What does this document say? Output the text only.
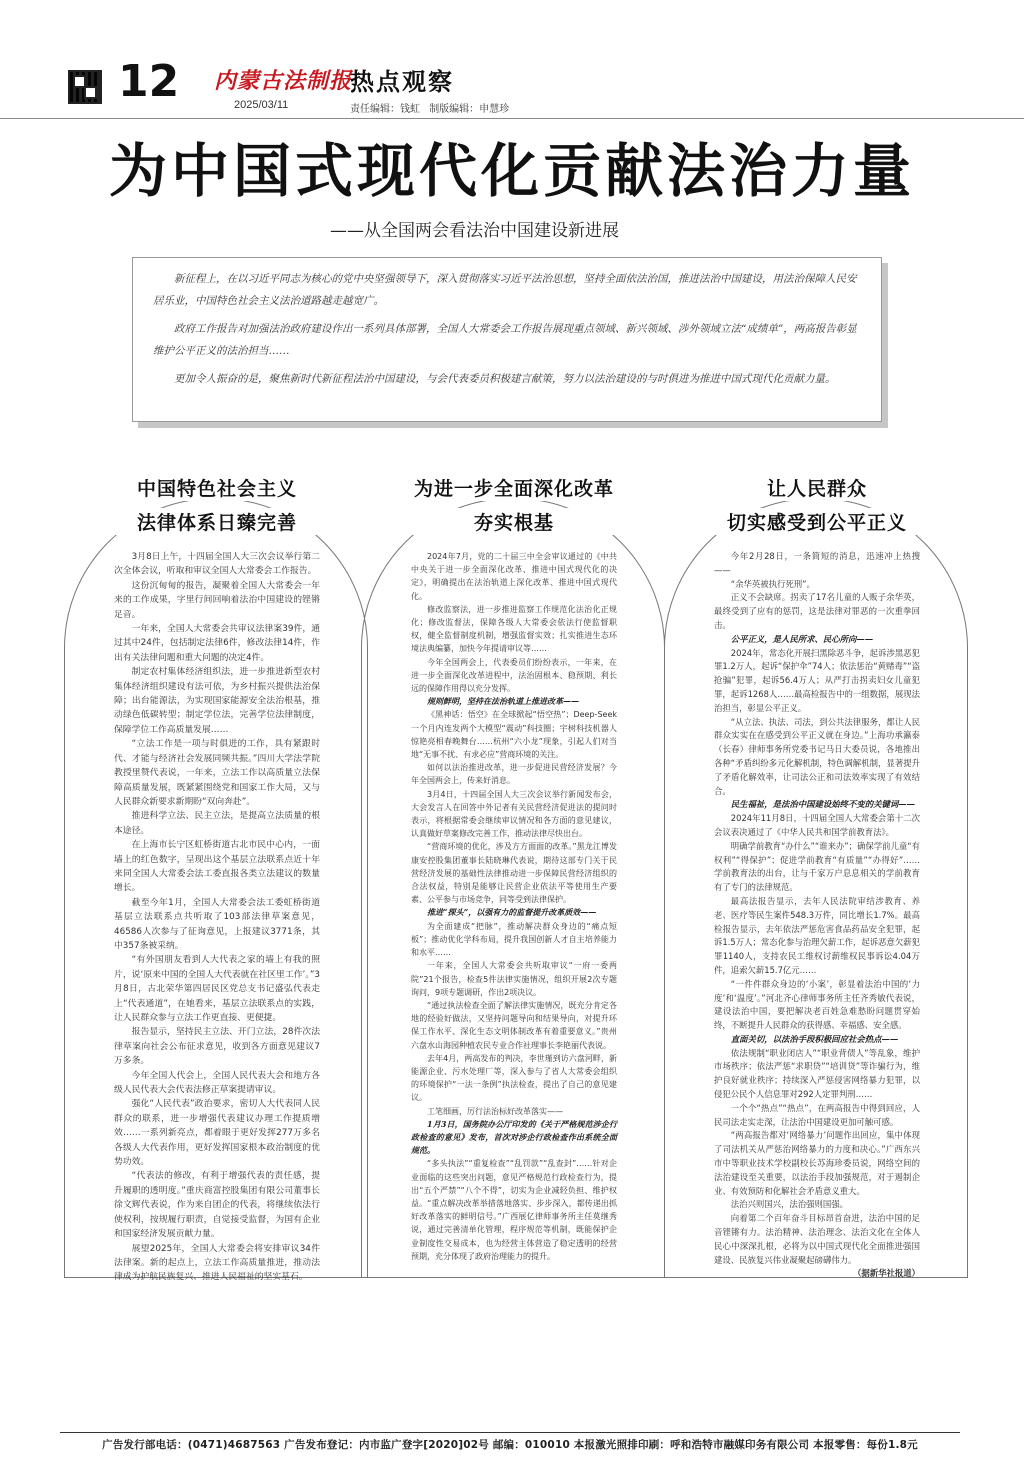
12 内蒙古法制报
2025/03/11
热点观察
责任编辑：钱虹 制版编辑：申慧珍
为中国式现代化贡献法治力量
——从全国两会看法治中国建设新进展

新征程上，在以习近平同志为核心的党中央坚强领导下，深入贯彻落实习近平法治思想，坚持全面依法治国，推进法治中国建设，用法治保障人民安居乐业，中国特色社会主义法治道路越走越宽广。

政府工作报告对加强法治政府建设作出一系列具体部署，全国人大常委会工作报告展现重点领域、新兴领域、涉外领域立法“成绩单”，两高报告彰显维护公平正义的法治担当……

更加令人振奋的是，聚焦新时代新征程法治中国建设，与会代表委员积极建言献策，努力以法治建设的与时俱进为推进中国式现代化贡献力量。

中国特色社会主义
法律体系日臻完善

3月8日上午，十四届全国人大三次会议举行第二次全体会议，听取和审议全国人大常委会工作报告。

这份沉甸甸的报告，凝聚着全国人大常委会一年来的工作成果，字里行间回响着法治中国建设的铿锵足音。

一年来，全国人大常委会共审议法律案39件，通过其中24件，包括制定法律6件，修改法律14件，作出有关法律问题和重大问题的决定4件。

制定农村集体经济组织法，进一步推进新型农村集体经济组织建设有法可依，为乡村振兴提供法治保障；出台能源法，为实现国家能源安全法治根基，推动绿色低碳转型；制定学位法，完善学位法律制度，保障学位工作高质量发展……

“立法工作是一项与时俱进的工作，具有紧跟时代、才能与经济社会发展同频共振。”四川大学法学院教授里赞代表说，一年来，立法工作以高质量立法保障高质量发展，既紧紧围绕党和国家工作大局，又与人民群众新要求新期盼“双向奔赴”。

推进科学立法、民主立法，是提高立法质量的根本途径。

在上海市长宁区虹桥街道古北市民中心内，一面墙上的红色数字，呈现出这个基层立法联系点近十年来同全国人大常委会法工委直报各类立法建议的数量增长。

截至今年1月，全国人大常委会法工委虹桥街道基层立法联系点共听取了103部法律草案意见，46586人次参与了征询意见，上报建议3771条，其中357条被采纳。

“有外国朋友看到人大代表之家的墙上有我的照片，说‘原来中国的全国人大代表就在社区里工作’。”3月8日，古北荣华第四居民区党总支书记盛弘代表走上“代表通道”，在她看来，基层立法联系点的实践，让人民群众参与立法工作更直接、更便捷。

报告显示，坚持民主立法、开门立法，28件次法律草案向社会公布征求意见，收到各方面意见建议7万多条。

今年全国人代会上，全国人民代表大会和地方各级人民代表大会代表法修正草案提请审议。

强化“人民代表”政治要求，密切人大代表同人民群众的联系，进一步增强代表建议办理工作提质增效……一系列新亮点，都着眼于更好发挥277万多名各级人大代表作用，更好发挥国家根本政治制度的优势功效。

“代表法的修改，有利于增强代表的责任感，提升履职的透明度。”重庆商富控股集团有限公司董事长徐文辉代表说，作为来自团企的代表，将继续依法行使权利，按规履行职责，自觉接受监督，为国有企业和国家经济发展贡献力量。

展望2025年，全国人大常委会将安排审议34件法律案。新的起点上，立法工作高质量推进，推动法律成为护航民族复兴、推进人民福祉的坚实基石。

为进一步全面深化改革
夯实根基

2024年7月，党的二十届三中全会审议通过的《中共中央关于进一步全面深化改革、推进中国式现代化的决定》，明确提出在法治轨道上深化改革、推进中国式现代化。

修改监察法，进一步推进监察工作规范化法治化正规化；修改监督法，保障各级人大常委会依法行使监督职权，健全监督制度机制，增强监督实效；扎实推进生态环境法典编纂，加快今年提请审议等……

今年全国两会上，代表委员们纷纷表示，一年来，在进一步全面深化改革进程中，法治固根本、稳预期、利长远的保障作用得以充分发挥。

规则鲜明，坚持在法治轨道上推进改革——

《黑神话：悟空》在全球掀起“悟空热”；Deep-Seek一个月内连发两个大模型“震动”科技圈；宇树科技机器人惊艳亮相春晚舞台……杭州“六小龙”现象，引起人们对当地“无事不扰、有求必应”营商环境的关注。

如何以法治推进改革，进一步促进民营经济发展？今年全国两会上，传来好消息。

3月4日，十四届全国人大三次会议举行新闻发布会，大会发言人在回答中外记者有关民营经济促进法的提问时表示，将根据常委会继续审议情况和各方面的意见建议，认真做好草案修改完善工作，推动法律尽快出台。

“营商环境的优化，涉及方方面面的改革。”黑龙江博发康安控股集团董事长陆晓琳代表说，期待这部专门关于民营经济发展的基础性法律推动进一步保障民营经济组织的合法权益，特别是能够让民营企业依法平等使用生产要素、公平参与市场竞争，同等受到法律保护。

推进“探头”，以强有力的监督提升改革质效——

为全面建成“把脉”，推动解决群众身边的“痛点短板”；推动优化学科布局，提升我国创新人才自主培养能力和水平……

一年来，全国人大常委会共听取审议“一府一委两院”21个报告，检查5件法律实施情况，组织开展2次专题询问，9项专题调研，作出2项决议。

“通过执法检查全面了解法律实施情况，既充分肯定各地的经验好做法，又坚持问题导向和结果导向，对提升环保工作水平、深化生态文明体制改革有着重要意义。”贵州六盘水山海园种植农民专业合作社理事长李艳丽代表说。

去年4月，两高发布的判决，李世瑾到访六盘河畔，新能源企业、污水处理厂等，深入参与了省人大常委会组织的环境保护“一法一条例”执法检查，提出了自己的意见建议。

工笔细画，厉行法治标好改革落实——

1月3日，国务院办公厅印发的《关于严格规范涉企行政检查的意见》发布，首次对涉企行政检查作出系统全面规范。

“多头执法”“重复检查”“乱罚款”“乱查封”……针对企业面临的这些突出问题，意见严格规范行政检查行为，提出“五个严禁”“八个不得”，切实为企业减轻负担、维护权益。“重点解决改革举措落地落实、步步深入，都传递出抓好改革落实的鲜明信号。”广西展亿律师事务所主任莫继秀说，通过完善清单化管理，程序规范等机制，既能保护企业制度性交易成本，也为经营主体营造了稳定透明的经营预期，充分体现了政府治理能力的提升。

让人民群众
切实感受到公平正义

今年2月28日，一条简短的消息，迅速冲上热搜——

“余华英被执行死刑”。

正义不会缺席。拐卖了17名儿童的人贩子余华英，最终受到了应有的惩罚，这是法律对罪恶的一次重拳回击。

公平正义，是人民所求、民心所向——

2024年，常态化开展扫黑除恶斗争，起诉涉黑恶犯罪1.2万人，起诉“保护伞”74人；依法惩治“黄赌毒”“盗抢骗”犯罪，起诉56.4万人；从严打击拐卖妇女儿童犯罪，起诉1268人……最高检报告中的一组数据，展现法治担当，彰显公平正义。

“从立法、执法、司法，到公共法律服务，都让人民群众实实在在感受到公平正义就在身边。”上海功承瀛泰（长春）律师事务所党委书记马日大委员说，各地推出各种“矛盾纠纷多元化解机制，特色调解机制，显著提升了矛盾化解效率，让司法公正和司法效率实现了有效结合。

民生福祉，是法治中国建设始终不变的关键词——

2024年11月8日，十四届全国人大常委会第十二次会议表决通过了《中华人民共和国学前教育法》。

明确学前教育“办什么”“谁来办”；确保学前儿童“有权利”“得保护”；促进学前教育“有质量”“办得好”……学前教育法的出台，让与千家万户息息相关的学前教育有了专门的法律规范。

最高法报告显示，去年人民法院审结涉教育、养老、医疗等民生案件548.3万件，同比增长1.7%。最高检报告显示，去年依法严惩危害食品药品安全犯罪，起诉1.5万人；常态化参与治理欠薪工作，起诉恶意欠薪犯罪1140人，支持农民工维权讨薪维权民事诉讼4.04万件，追索欠薪15.7亿元……

“一件件群众身边的‘小案’，彰显着法治中国的‘力度’和‘温度’。”河北齐心律师事务所主任齐秀敏代表说，建设法治中国，要把解决老百姓急难愁盼问题贯穿始终，不断提升人民群众的获得感、幸福感、安全感。

直面关切，以法治手段积极回应社会热点——

依法规制“职业闭店人”“职业背债人”等乱象，维护市场秩序；依法严惩“求职贷”“培训贷”等诈骗行为，维护良好就业秩序；持续深入严惩侵害网络暴力犯罪，以侵犯公民个人信息罪对292人定罪判刑……

一个个“热点”“热点”，在两高报告中得到回应，人民司法走实走深，让法治中国建设更加可触可感。

“两高报告都对‘网络暴力’问题作出回应，集中体现了司法机关从严惩治网络暴力的力度和决心。”广西东兴市中等职业技术学校副校长苏海珍委员说，网络空间的法治建设至关重要，以法治手段加强规范，对于遏制企业、有效预防和化解社会矛盾意义重大。

法治兴则国兴，法治强则国强。

向着第二个百年奋斗目标昂首奋进，法治中国的足音铿锵有力。法治精神、法治理念、法治文化在全体人民心中深深扎根，必将为以中国式现代化全面推进强国建设、民族复兴伟业凝聚起磅礴伟力。

（据新华社报道）

广告发行部电话：(0471)4687563 广告发布登记：内市监广登字[2020]02号 邮编：010010 本报激光照排印刷：呼和浩特市融媒印务有限公司 本报零售：每份1.8元
